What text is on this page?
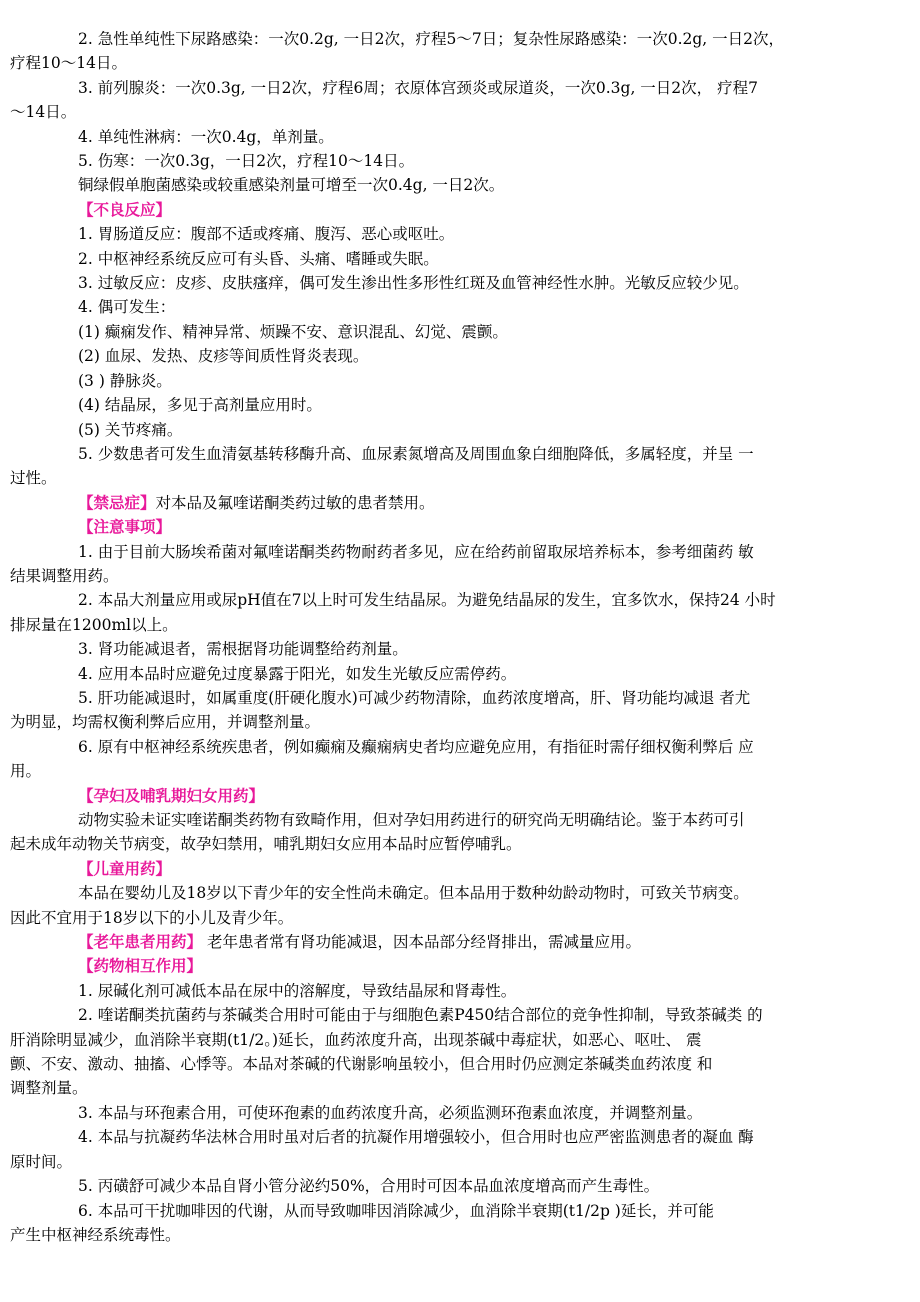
2. 急性单纯性下尿路感染：一次0.2g, 一日2次，疗程5～7日；复杂性尿路感染：一次0.2g, 一日2次，
疗程10～14日。
3. 前列腺炎：一次0.3g, 一日2次，疗程6周；衣原体宫颈炎或尿道炎，一次0.3g, 一日2次， 疗程7
～14日。
4. 单纯性淋病：一次0.4g，单剂量。
5. 伤寒：一次0.3g，一日2次，疗程10～14日。
铜绿假单胞菌感染或较重感染剂量可增至一次0.4g, 一日2次。
【不良反应】
1. 胃肠道反应：腹部不适或疼痛、腹泻、恶心或呕吐。
2. 中枢神经系统反应可有头昏、头痛、嗜睡或失眠。
3. 过敏反应：皮疹、皮肤瘙痒，偶可发生渗出性多形性红斑及血管神经性水肿。光敏反应较少见。
4. 偶可发生：
(1) 癫痫发作、精神异常、烦躁不安、意识混乱、幻觉、震颤。
(2) 血尿、发热、皮疹等间质性肾炎表现。
(3 ) 静脉炎。
(4) 结晶尿，多见于高剂量应用时。
(5) 关节疼痛。
5. 少数患者可发生血清氨基转移酶升高、血尿素氮增高及周围血象白细胞降低，多属轻度，并呈 一
过性。
【禁忌症】对本品及氟喹诺酮类药过敏的患者禁用。
【注意事项】
1. 由于目前大肠埃希菌对氟喹诺酮类药物耐药者多见，应在给药前留取尿培养标本，参考细菌药 敏
结果调整用药。
2. 本品大剂量应用或尿pH值在7以上时可发生结晶尿。为避免结晶尿的发生，宜多饮水，保持24 小时
排尿量在1200ml以上。
3. 肾功能减退者，需根据肾功能调整给药剂量。
4. 应用本品时应避免过度暴露于阳光，如发生光敏反应需停药。
5. 肝功能减退时，如属重度(肝硬化腹水)可减少药物清除，血药浓度增高，肝、肾功能均减退 者尤
为明显，均需权衡利弊后应用，并调整剂量。
6. 原有中枢神经系统疾患者，例如癫痫及癫痫病史者均应避免应用，有指征时需仔细权衡利弊后 应
用。
【孕妇及哺乳期妇女用药】
动物实验未证实喹诺酮类药物有致畸作用，但对孕妇用药进行的研究尚无明确结论。鉴于本药可引
起未成年动物关节病变，故孕妇禁用，哺乳期妇女应用本品时应暂停哺乳。
【儿童用药】
本品在婴幼儿及18岁以下青少年的安全性尚未确定。但本品用于数种幼龄动物时，可致关节病变。
因此不宜用于18岁以下的小儿及青少年。
【老年患者用药】 老年患者常有肾功能减退，因本品部分经肾排出，需减量应用。
【药物相互作用】
1. 尿碱化剂可减低本品在尿中的溶解度，导致结晶尿和肾毒性。
2. 喹诺酮类抗菌药与茶碱类合用时可能由于与细胞色素P450结合部位的竞争性抑制，导致茶碱类 的
肝消除明显减少，血消除半衰期(t1/2。)延长，血药浓度升高，出现茶碱中毒症状，如恶心、呕吐、 震
颤、不安、激动、抽搐、心悸等。本品对茶碱的代谢影响虽较小，但合用时仍应测定茶碱类血药浓度 和
调整剂量。
3. 本品与环孢素合用，可使环孢素的血药浓度升高，必须监测环孢素血浓度，并调整剂量。
4. 本品与抗凝药华法林合用时虽对后者的抗凝作用增强较小，但合用时也应严密监测患者的凝血 酶
原时间。
5. 丙磺舒可减少本品自肾小管分泌约50%，合用时可因本品血浓度增高而产生毒性。
6. 本品可干扰咖啡因的代谢，从而导致咖啡因消除减少，血消除半衰期(t1/2p )延长，并可能
产生中枢神经系统毒性。
